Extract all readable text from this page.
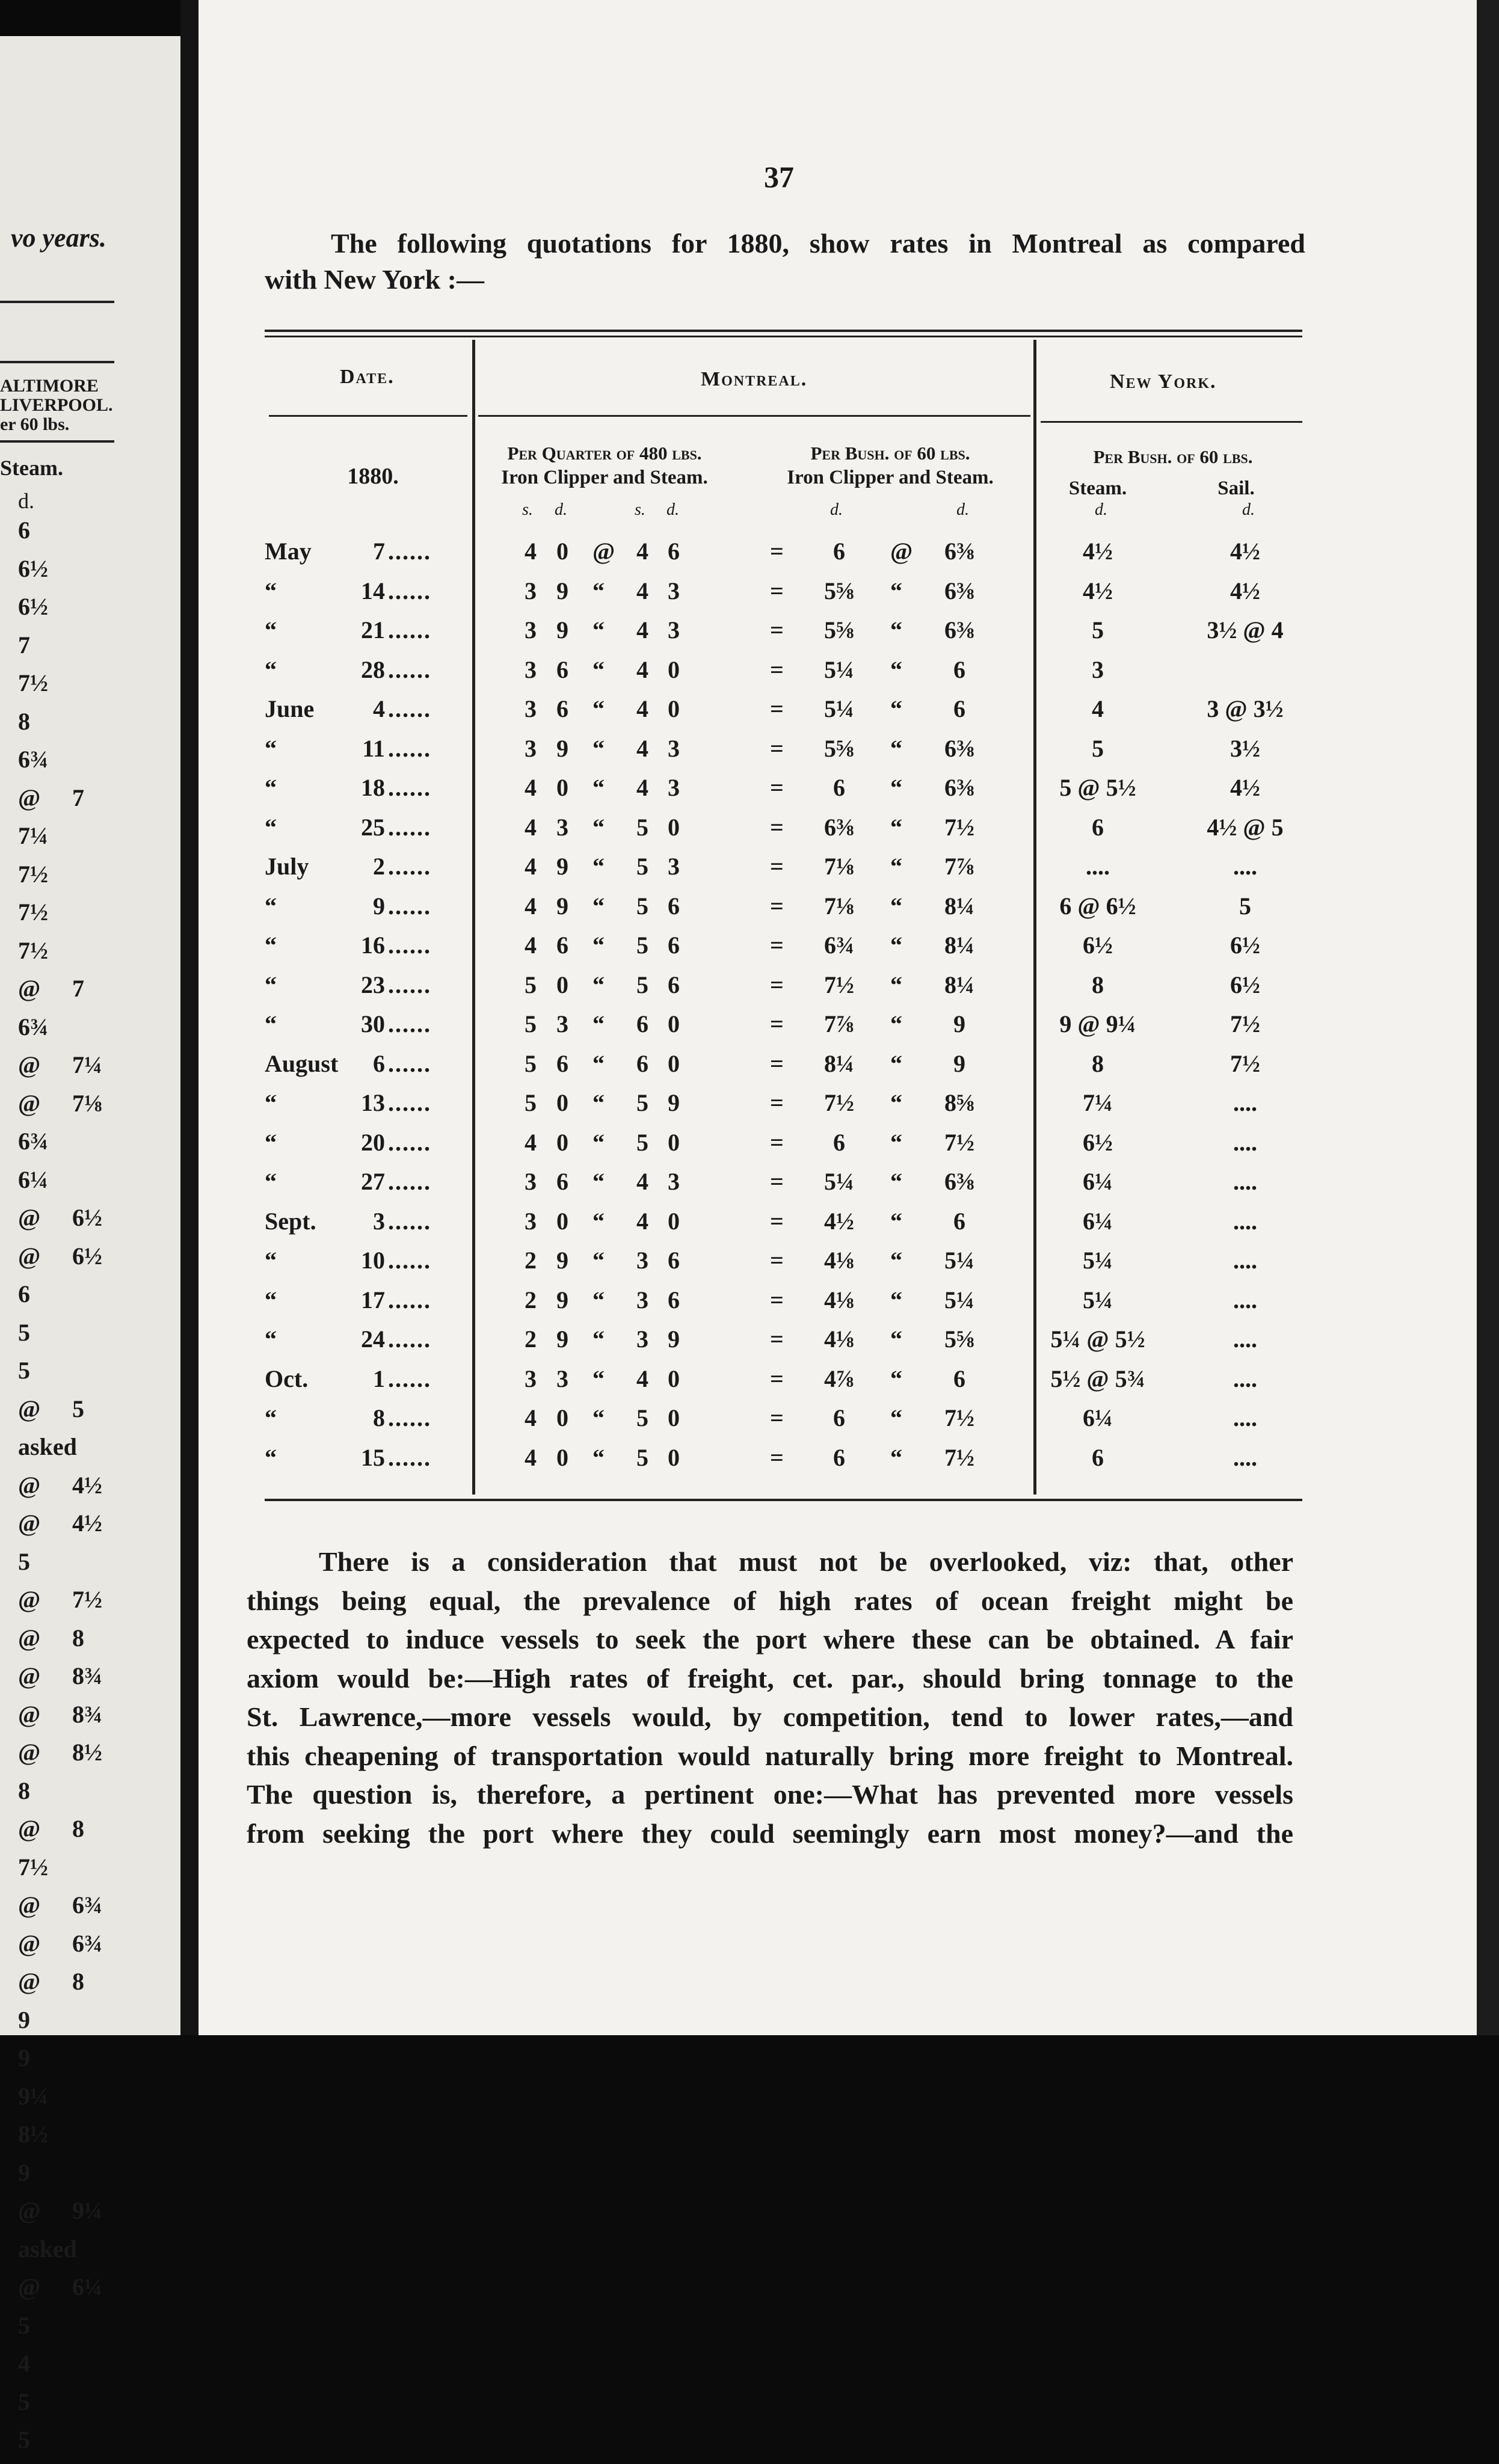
vo years.
ALTIMORE
LIVERPOOL.
er 60 lbs.
Steam.
d.
6
6½
6½
7
7½
8
6¾
@ 7
7¼
7½
7½
7½
@ 7
6¾
@ 7¼
@ 7⅛
6¾
6¼
@ 6½
@ 6½
6
5
5
@ 5
asked
@ 4½
@ 4½
5
@ 7½
@ 8
@ 8¾
@ 8¾
@ 8½
8
@ 8
7½
@ 6¾
@ 6¾
@ 8
9
9
9¼
8½
9
@ 9¼
asked
@ 6¼
5
4
5
5
37
The following quotations for 1880, show rates in Montreal as compared
with New York :—
Date.	Montreal.	New York.
Per Quarter of 480 lbs.
Iron Clipper and Steam.
Per Bush. of 60 lbs.
Iron Clipper and Steam.
Per Bush. of 60 lbs.
Steam.	Sail.
1880.
s. d.	s. d.	d.	d.	d.	d.
May	7	4 0 @ 4 6	=	6	@	6⅜	4½	4½
......
“	14	3 9 “ 4 3	=	5⅝	“	6⅜	4½	4½
......
“	21	3 9 “ 4 3	=	5⅝	“	6⅜	5	3½ @ 4
......
“	28	3 6 “ 4 0	=	5¼	“	6	3
......
June	4	3 6 “ 4 0	=	5¼	“	6	4	3 @ 3½
......
“	11	3 9 “ 4 3	=	5⅝	“	6⅜	5	3½
......
“	18	4 0 “ 4 3	=	6	“	6⅜	5 @ 5½	4½
......
“	25	4 3 “ 5 0	=	6⅜	“	7½	6	4½ @ 5
......
July	2	4 9 “ 5 3	=	7⅛	“	7⅞	....	....
......
“	9	4 9 “ 5 6	=	7⅛	“	8¼	6 @ 6½	5
......
“	16	4 6 “ 5 6	=	6¾	“	8¼	6½	6½
......
“	23	5 0 “ 5 6	=	7½	“	8¼	8	6½
......
“	30	5 3 “ 6 0	=	7⅞	“	9	9 @ 9¼	7½
......
August	6	5 6 “ 6 0	=	8¼	“	9	8	7½
......
“	13	5 0 “ 5 9	=	7½	“	8⅝	7¼	....
......
“	20	4 0 “ 5 0	=	6	“	7½	6½	....
......
“	27	3 6 “ 4 3	=	5¼	“	6⅜	6¼	....
......
Sept.	3	3 0 “ 4 0	=	4½	“	6	6¼	....
......
“	10	2 9 “ 3 6	=	4⅛	“	5¼	5¼	....
......
“	17	2 9 “ 3 6	=	4⅛	“	5¼	5¼	....
......
“	24	2 9 “ 3 9	=	4⅛	“	5⅝	5¼ @ 5½	....
......
Oct.	1	3 3 “ 4 0	=	4⅞	“	6	5½ @ 5¾	....
......
“	8	4 0 “ 5 0	=	6	“	7½	6¼	....
......
“	15	4 0 “ 5 0	=	6	“	7½	6	....
......
There is a consideration that must not be overlooked, viz: that, other
things being equal, the prevalence of high rates of ocean freight might be
expected to induce vessels to seek the port where these can be obtained. A fair
axiom would be:—High rates of freight, cet. par., should bring tonnage to the
St. Lawrence,—more vessels would, by competition, tend to lower rates,—and
this cheapening of transportation would naturally bring more freight to Montreal.
The question is, therefore, a pertinent one:—What has prevented more vessels
from seeking the port where they could seemingly earn most money?—and the
